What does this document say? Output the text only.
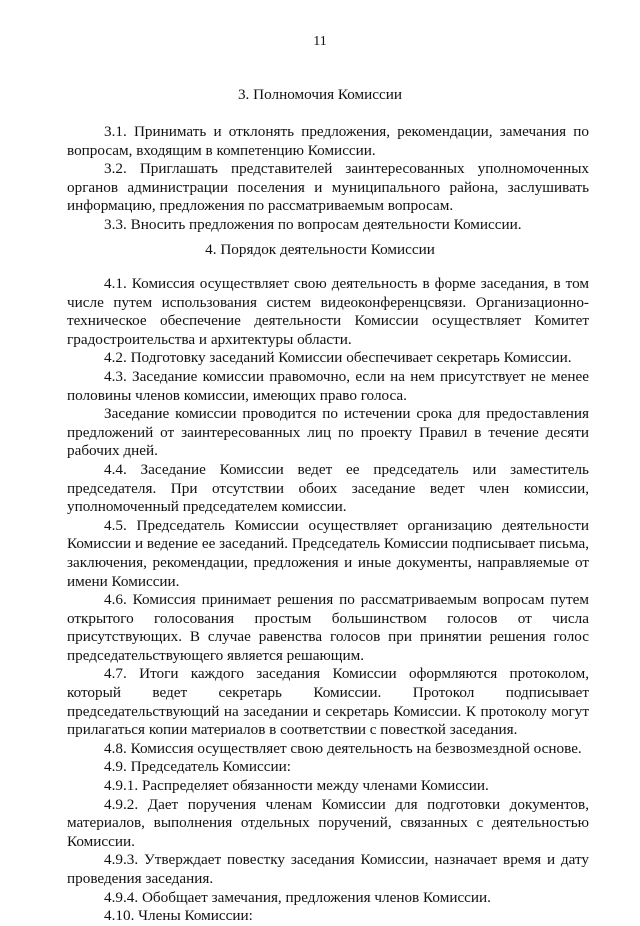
11
3. Полномочия Комиссии

3.1. Принимать и отклонять предложения, рекомендации, замечания по вопросам, входящим в компетенцию Комиссии.

3.2. Приглашать представителей заинтересованных уполномоченных органов администрации поселения и муниципального района, заслушивать информацию, предложения по рассматриваемым вопросам.

3.3. Вносить предложения по вопросам деятельности Комиссии.

4. Порядок деятельности Комиссии

4.1. Комиссия осуществляет свою деятельность в форме заседания, в том числе путем использования систем видеоконференцсвязи. Организационно-техническое обеспечение деятельности Комиссии осуществляет Комитет градостроительства и архитектуры области.

4.2. Подготовку заседаний Комиссии обеспечивает секретарь Комиссии.

4.3. Заседание комиссии правомочно, если на нем присутствует не менее половины членов комиссии, имеющих право голоса.

Заседание комиссии проводится по истечении срока для предоставления предложений от заинтересованных лиц по проекту Правил в течение десяти рабочих дней.

4.4. Заседание Комиссии ведет ее председатель или заместитель председателя. При отсутствии обоих заседание ведет член комиссии, уполномоченный председателем комиссии.

4.5. Председатель Комиссии осуществляет организацию деятельности Комиссии и ведение ее заседаний. Председатель Комиссии подписывает письма, заключения, рекомендации, предложения и иные документы, направляемые от имени Комиссии.

4.6. Комиссия принимает решения по рассматриваемым вопросам путем открытого голосования простым большинством голосов от числа присутствующих. В случае равенства голосов при принятии решения голос председательствующего является решающим.

4.7. Итоги каждого заседания Комиссии оформляются протоколом, который ведет секретарь Комиссии. Протокол подписывает председательствующий на заседании и секретарь Комиссии. К протоколу могут прилагаться копии материалов в соответствии с повесткой заседания.

4.8. Комиссия осуществляет свою деятельность на безвозмездной основе.

4.9. Председатель Комиссии:

4.9.1. Распределяет обязанности между членами Комиссии.

4.9.2. Дает поручения членам Комиссии для подготовки документов, материалов, выполнения отдельных поручений, связанных с деятельностью Комиссии.

4.9.3. Утверждает повестку заседания Комиссии, назначает время и дату проведения заседания.

4.9.4. Обобщает замечания, предложения членов Комиссии.

4.10. Члены Комиссии:
